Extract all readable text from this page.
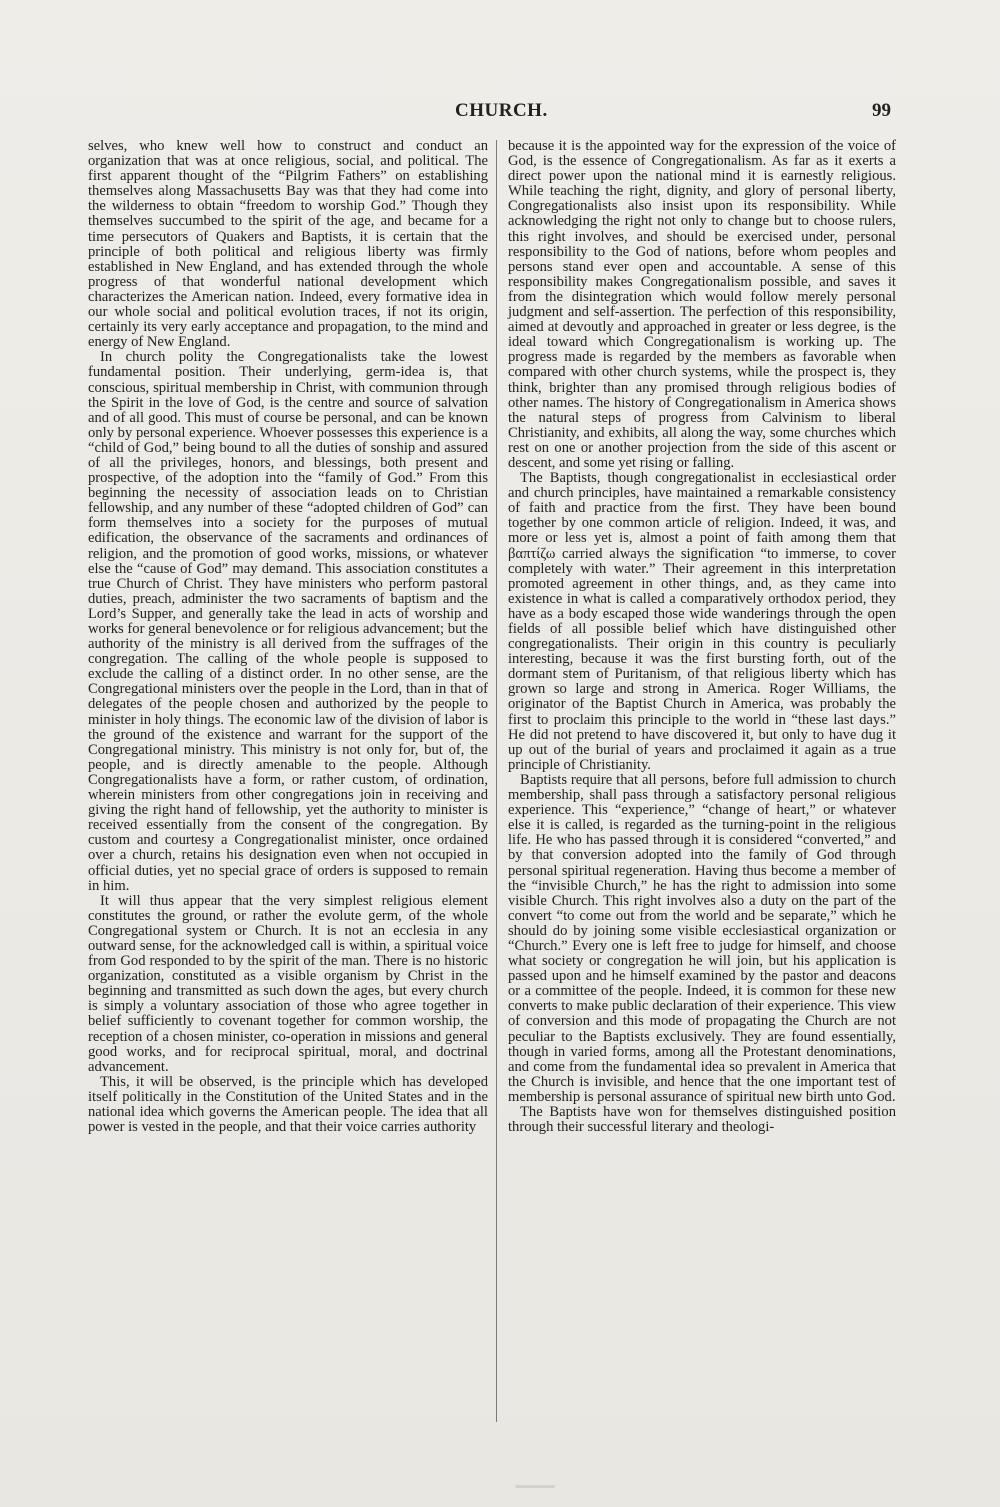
CHURCH.	99

selves, who knew well how to construct and conduct an organization that was at once religious, social, and political. The first apparent thought of the “Pilgrim Fathers” on establishing themselves along Massachusetts Bay was that they had come into the wilderness to obtain “freedom to worship God.” Though they themselves succumbed to the spirit of the age, and became for a time persecutors of Quakers and Baptists, it is certain that the principle of both political and religious liberty was firmly established in New England, and has extended through the whole progress of that wonderful national development which characterizes the American nation. Indeed, every formative idea in our whole social and political evolution traces, if not its origin, certainly its very early acceptance and propagation, to the mind and energy of New England.

In church polity the Congregationalists take the lowest fundamental position. Their underlying, germ-idea is, that conscious, spiritual membership in Christ, with communion through the Spirit in the love of God, is the centre and source of salvation and of all good. This must of course be personal, and can be known only by personal experience. Whoever possesses this experience is a “child of God,” being bound to all the duties of sonship and assured of all the privileges, honors, and blessings, both present and prospective, of the adoption into the “family of God.” From this beginning the necessity of association leads on to Christian fellowship, and any number of these “adopted children of God” can form themselves into a society for the purposes of mutual edification, the observance of the sacraments and ordinances of religion, and the promotion of good works, missions, or whatever else the “cause of God” may demand. This association constitutes a true Church of Christ. They have ministers who perform pastoral duties, preach, administer the two sacraments of baptism and the Lord’s Supper, and generally take the lead in acts of worship and works for general benevolence or for religious advancement; but the authority of the ministry is all derived from the suffrages of the congregation. The calling of the whole people is supposed to exclude the calling of a distinct order. In no other sense, are the Congregational ministers over the people in the Lord, than in that of delegates of the people chosen and authorized by the people to minister in holy things. The economic law of the division of labor is the ground of the existence and warrant for the support of the Congregational ministry. This ministry is not only for, but of, the people, and is directly amenable to the people. Although Congregationalists have a form, or rather custom, of ordination, wherein ministers from other congregations join in receiving and giving the right hand of fellowship, yet the authority to minister is received essentially from the consent of the congregation. By custom and courtesy a Congregationalist minister, once ordained over a church, retains his designation even when not occupied in official duties, yet no special grace of orders is supposed to remain in him.

It will thus appear that the very simplest religious element constitutes the ground, or rather the evolute germ, of the whole Congregational system or Church. It is not an ecclesia in any outward sense, for the acknowledged call is within, a spiritual voice from God responded to by the spirit of the man. There is no historic organization, constituted as a visible organism by Christ in the beginning and transmitted as such down the ages, but every church is simply a voluntary association of those who agree together in belief sufficiently to covenant together for common worship, the reception of a chosen minister, co-operation in missions and general good works, and for reciprocal spiritual, moral, and doctrinal advancement.

This, it will be observed, is the principle which has developed itself politically in the Constitution of the United States and in the national idea which governs the American people. The idea that all power is vested in the people, and that their voice carries authority

because it is the appointed way for the expression of the voice of God, is the essence of Congregationalism. As far as it exerts a direct power upon the national mind it is earnestly religious. While teaching the right, dignity, and glory of personal liberty, Congregationalists also insist upon its responsibility. While acknowledging the right not only to change but to choose rulers, this right involves, and should be exercised under, personal responsibility to the God of nations, before whom peoples and persons stand ever open and accountable. A sense of this responsibility makes Congregationalism possible, and saves it from the disintegration which would follow merely personal judgment and self-assertion. The perfection of this responsibility, aimed at devoutly and approached in greater or less degree, is the ideal toward which Congregationalism is working up. The progress made is regarded by the members as favorable when compared with other church systems, while the prospect is, they think, brighter than any promised through religious bodies of other names. The history of Congregationalism in America shows the natural steps of progress from Calvinism to liberal Christianity, and exhibits, all along the way, some churches which rest on one or another projection from the side of this ascent or descent, and some yet rising or falling.

The Baptists, though congregationalist in ecclesiastical order and church principles, have maintained a remarkable consistency of faith and practice from the first. They have been bound together by one common article of religion. Indeed, it was, and more or less yet is, almost a point of faith among them that βαπτίζω carried always the signification “to immerse, to cover completely with water.” Their agreement in this interpretation promoted agreement in other things, and, as they came into existence in what is called a comparatively orthodox period, they have as a body escaped those wide wanderings through the open fields of all possible belief which have distinguished other congregationalists. Their origin in this country is peculiarly interesting, because it was the first bursting forth, out of the dormant stem of Puritanism, of that religious liberty which has grown so large and strong in America. Roger Williams, the originator of the Baptist Church in America, was probably the first to proclaim this principle to the world in “these last days.” He did not pretend to have discovered it, but only to have dug it up out of the burial of years and proclaimed it again as a true principle of Christianity.

Baptists require that all persons, before full admission to church membership, shall pass through a satisfactory personal religious experience. This “experience,” “change of heart,” or whatever else it is called, is regarded as the turning-point in the religious life. He who has passed through it is considered “converted,” and by that conversion adopted into the family of God through personal spiritual regeneration. Having thus become a member of the “invisible Church,” he has the right to admission into some visible Church. This right involves also a duty on the part of the convert “to come out from the world and be separate,” which he should do by joining some visible ecclesiastical organization or “Church.” Every one is left free to judge for himself, and choose what society or congregation he will join, but his application is passed upon and he himself examined by the pastor and deacons or a committee of the people. Indeed, it is common for these new converts to make public declaration of their experience. This view of conversion and this mode of propagating the Church are not peculiar to the Baptists exclusively. They are found essentially, though in varied forms, among all the Protestant denominations, and come from the fundamental idea so prevalent in America that the Church is invisible, and hence that the one important test of membership is personal assurance of spiritual new birth unto God.

The Baptists have won for themselves distinguished position through their successful literary and theologi-
